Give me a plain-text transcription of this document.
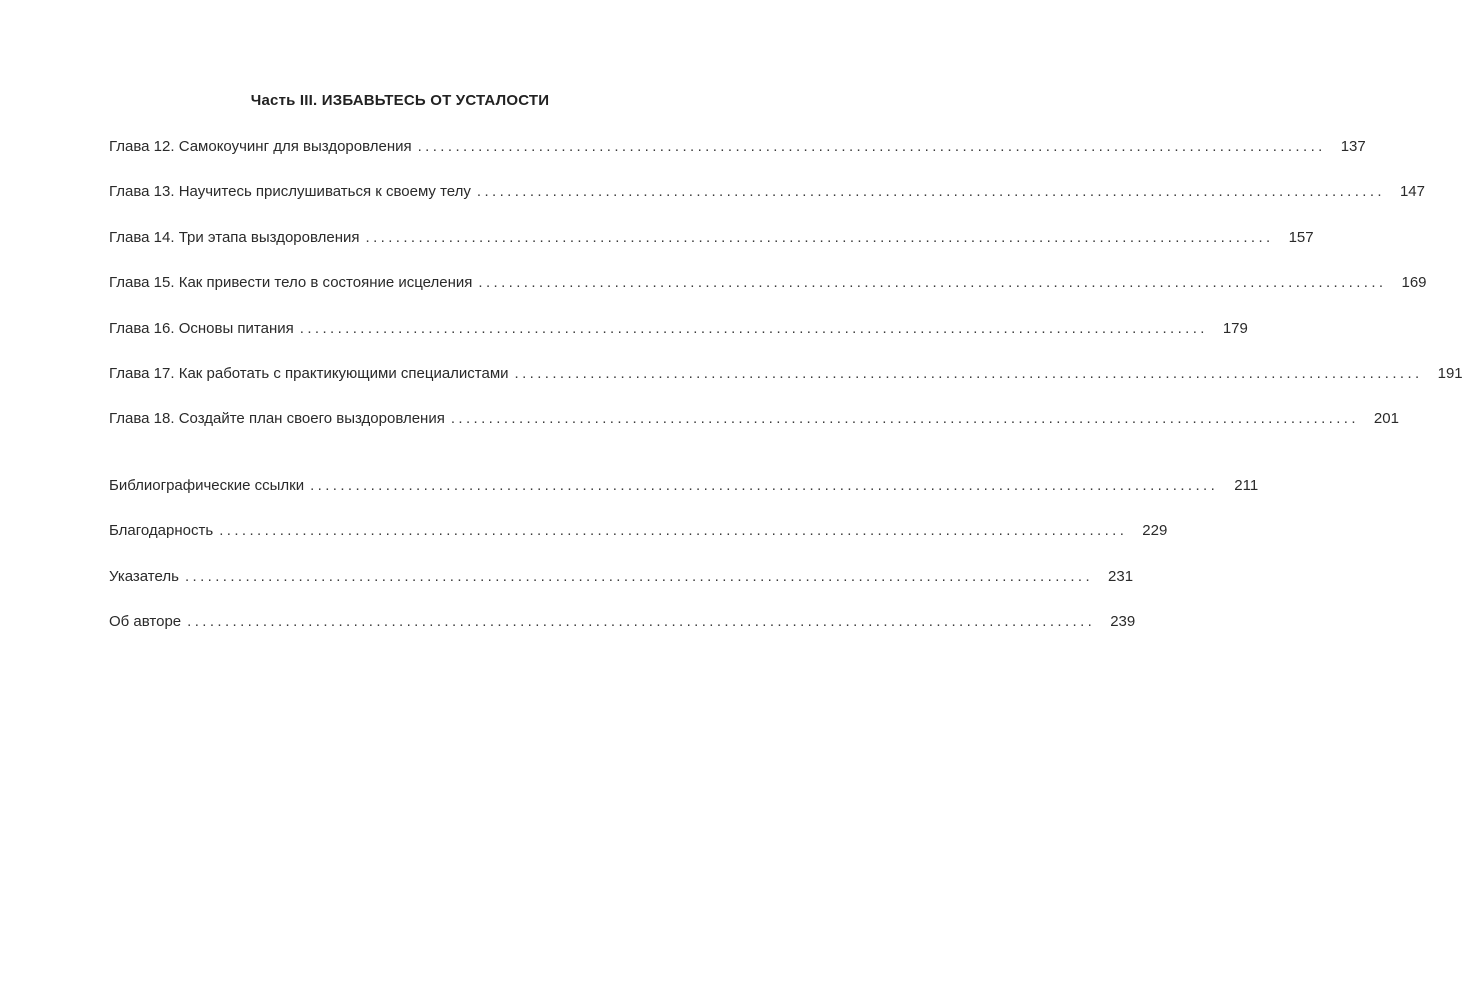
Часть III. ИЗБАВЬТЕСЬ ОТ УСТАЛОСТИ
Глава 12. Самокоучинг для выздоровления ........................................................................................................................ 137
Глава 13. Научитесь прислушиваться к своему телу ........................................................................................................................ 147
Глава 14. Три этапа выздоровления ........................................................................................................................ 157
Глава 15. Как привести тело в состояние исцеления ........................................................................................................................ 169
Глава 16. Основы питания ........................................................................................................................ 179
Глава 17. Как работать с практикующими специалистами ........................................................................................................................ 191
Глава 18. Создайте план своего выздоровления ........................................................................................................................ 201
Библиографические ссылки ........................................................................................................................	211
Благодарность ........................................................................................................................ 229
Указатель ........................................................................................................................ 231
Об авторе ........................................................................................................................ 239
